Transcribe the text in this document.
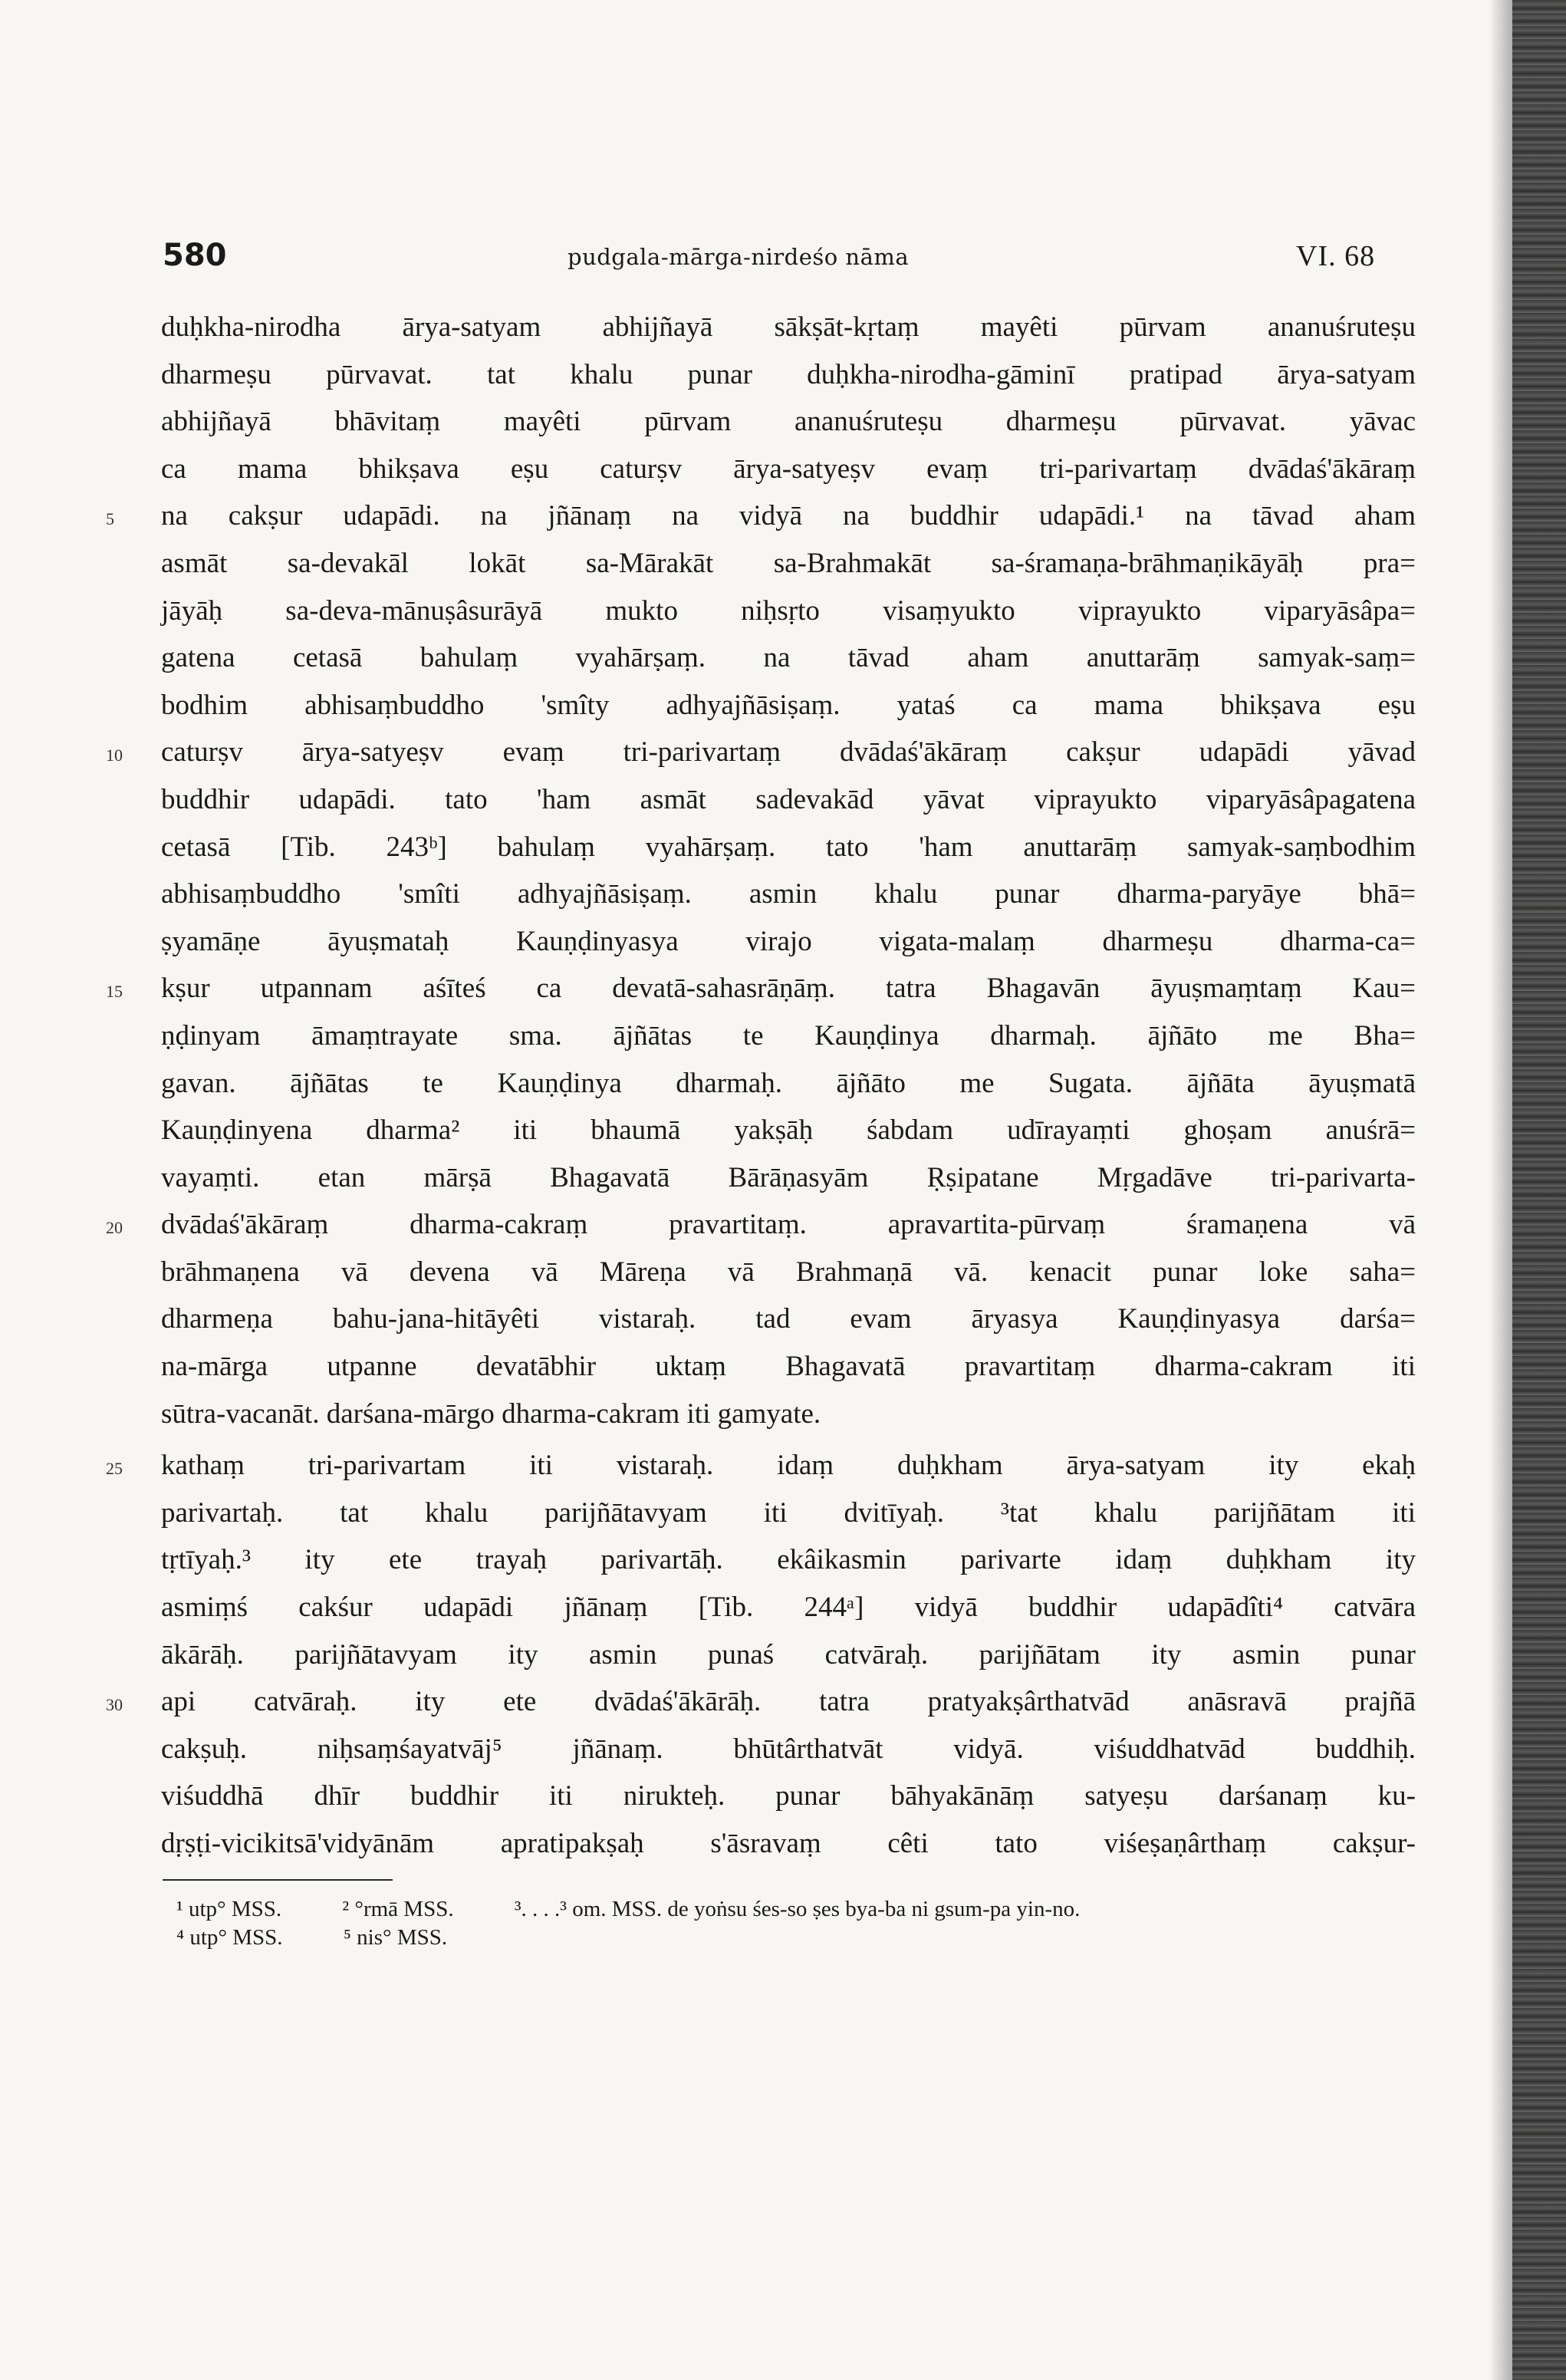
580	pudgala-mārga-nirdeśo nāma	VI. 68
duḥkha-nirodha ārya-satyam abhijñayā sākṣāt-kṛtaṃ mayêti pūrvam ananuśruteṣu
dharmeṣu pūrvavat. tat khalu punar duḥkha-nirodha-gāminī pratipad ārya-satyam
abhijñayā bhāvitaṃ mayêti pūrvam ananuśruteṣu dharmeṣu pūrvavat. yāvac
ca mama bhikṣava eṣu caturṣv ārya-satyeṣv evaṃ tri-parivartaṃ dvādaś'ākāraṃ
na cakṣur udapādi. na jñānaṃ na vidyā na buddhir udapādi.¹ na tāvad aham
5
asmāt sa-devakāl lokāt sa-Mārakāt sa-Brahmakāt sa-śramaṇa-brāhmaṇikāyāḥ pra=
jāyāḥ sa-deva-mānuṣâsurāyā mukto niḥsṛto visaṃyukto viprayukto viparyāsâpa=
gatena cetasā bahulaṃ vyahārṣaṃ. na tāvad aham anuttarāṃ samyak-saṃ=
bodhim abhisaṃbuddho 'smîty adhyajñāsiṣaṃ. yataś ca mama bhikṣava eṣu
caturṣv ārya-satyeṣv evaṃ tri-parivartaṃ dvādaś'ākāraṃ cakṣur udapādi yāvad
10
buddhir udapādi. tato 'ham asmāt sadevakād yāvat viprayukto viparyāsâpagatena
cetasā [Tib. 243ᵇ] bahulaṃ vyahārṣaṃ. tato 'ham anuttarāṃ samyak-saṃbodhim
abhisaṃbuddho 'smîti adhyajñāsiṣaṃ. asmin khalu punar dharma-paryāye bhā=
ṣyamāṇe āyuṣmataḥ Kauṇḍinyasya virajo vigata-malaṃ dharmeṣu dharma-ca=
kṣur utpannam aśīteś ca devatā-sahasrāṇāṃ. tatra Bhagavān āyuṣmaṃtaṃ Kau=
15
ṇḍinyam āmaṃtrayate sma. ājñātas te Kauṇḍinya dharmaḥ. ājñāto me Bha=
gavan. ājñātas te Kauṇḍinya dharmaḥ. ājñāto me Sugata. ājñāta āyuṣmatā
Kauṇḍinyena dharma² iti bhaumā yakṣāḥ śabdam udīrayaṃti ghoṣam anuśrā=
vayaṃti. etan mārṣā Bhagavatā Bārāṇasyām Ṛṣipatane Mṛgadāve tri-parivarta-
dvādaś'ākāraṃ dharma-cakraṃ pravartitaṃ. apravartita-pūrvaṃ śramaṇena vā
20
brāhmaṇena vā devena vā Māreṇa vā Brahmaṇā vā. kenacit punar loke saha=
dharmeṇa bahu-jana-hitāyêti vistaraḥ. tad evam āryasya Kauṇḍinyasya darśa=
na-mārga utpanne devatābhir uktaṃ Bhagavatā pravartitaṃ dharma-cakram iti
sūtra-vacanāt. darśana-mārgo dharma-cakram iti gamyate.
kathaṃ tri-parivartam iti vistaraḥ. idaṃ duḥkham ārya-satyam ity ekaḥ
25
parivartaḥ. tat khalu parijñātavyam iti dvitīyaḥ. ³tat khalu parijñātam iti
tṛtīyaḥ.³ ity ete trayaḥ parivartāḥ. ekâikasmin parivarte idaṃ duḥkham ity
asmiṃś cakśur udapādi jñānaṃ [Tib. 244ᵃ] vidyā buddhir udapādîti⁴ catvāra
ākārāḥ. parijñātavyam ity asmin punaś catvāraḥ. parijñātam ity asmin punar
api catvāraḥ. ity ete dvādaś'ākārāḥ. tatra pratyakṣârthatvād anāsravā prajñā
30
cakṣuḥ. niḥsaṃśayatvāj⁵ jñānaṃ. bhūtârthatvāt vidyā. viśuddhatvād buddhiḥ.
viśuddhā dhīr buddhir iti nirukteḥ. punar bāhyakānāṃ satyeṣu darśanaṃ ku-
dṛṣṭi-vicikitsā'vidyānām apratipakṣaḥ s'āsravaṃ cêti tato viśeṣaṇârthaṃ cakṣur-
¹ utp° MSS.	² °rmā MSS.	³. . . .³ om. MSS. de yoṅsu śes-so ṣes bya-ba ni gsum-pa yin-no.
⁴ utp° MSS.	⁵ nis° MSS.
